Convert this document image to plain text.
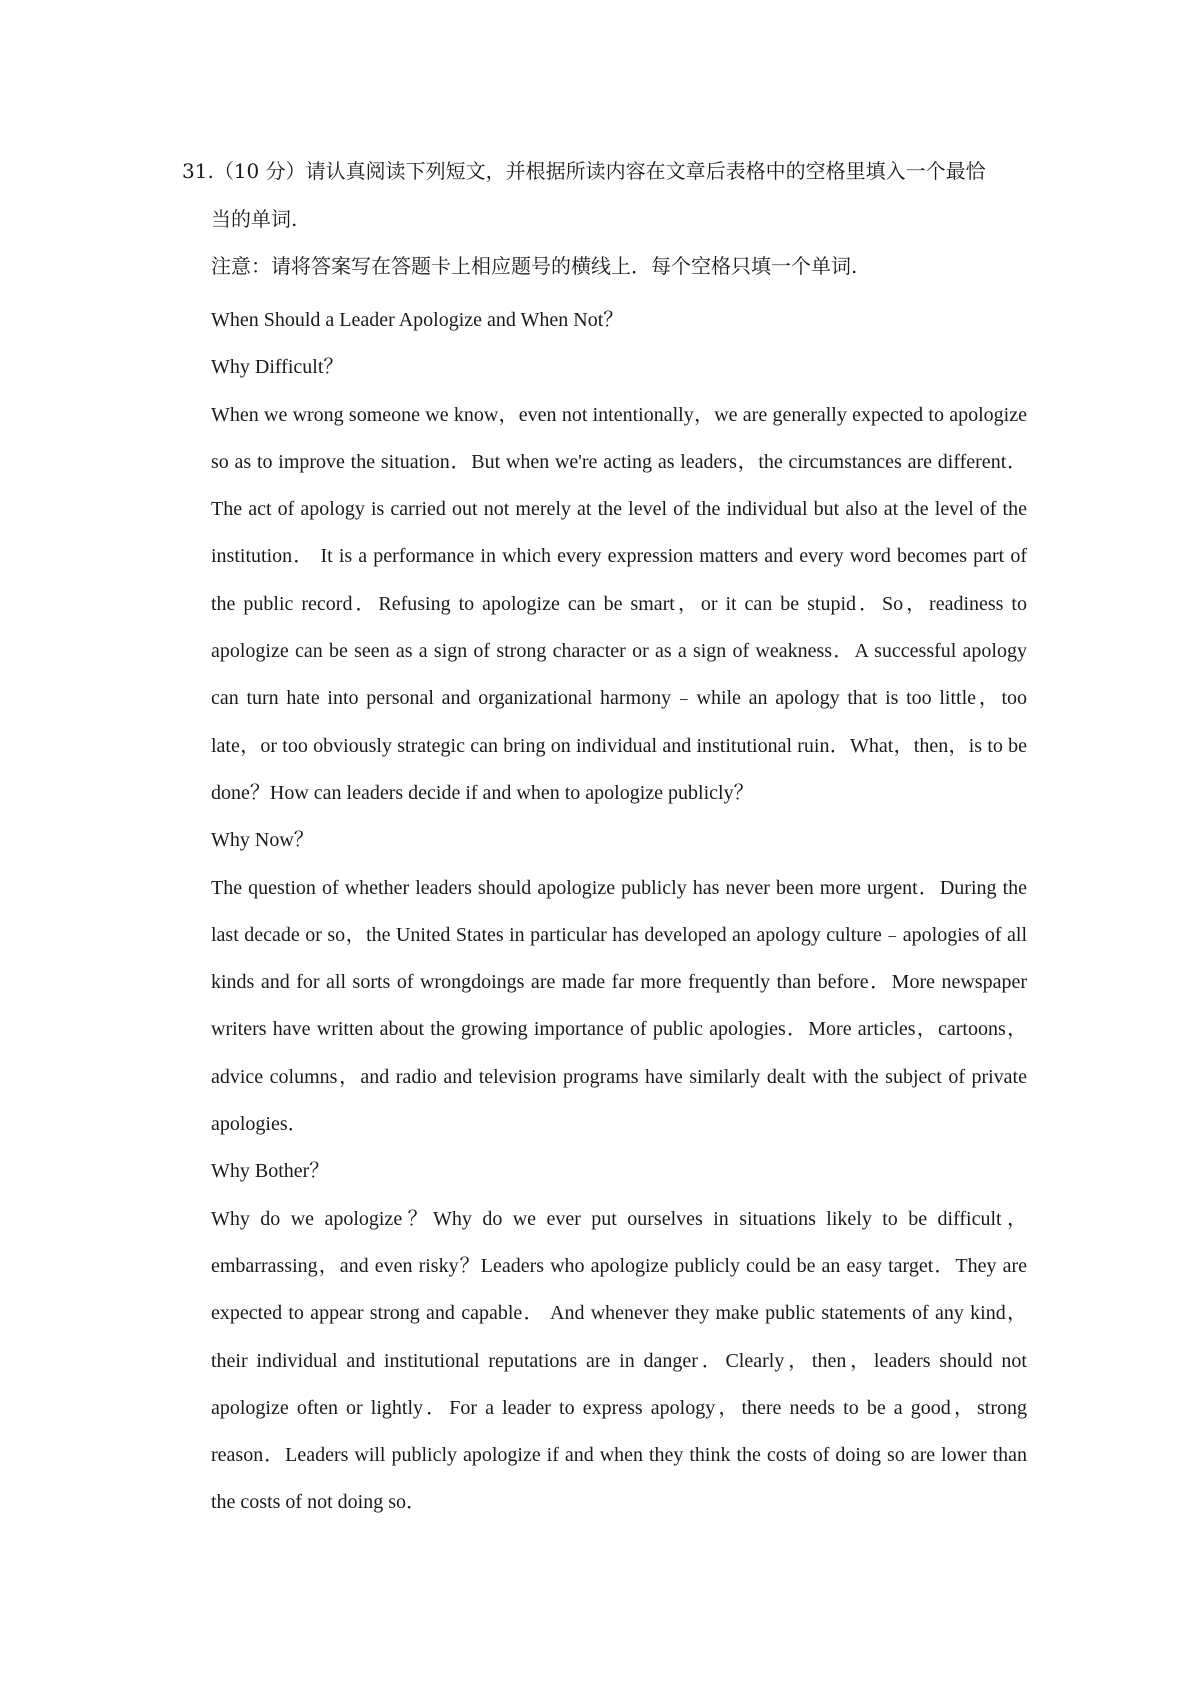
31.（10 分）请认真阅读下列短文，并根据所读内容在文章后表格中的空格里填入一个最恰
当的单词.
注意：请将答案写在答题卡上相应题号的横线上．每个空格只填一个单词.
When Should a Leader Apologize and When Not？
Why Difficult？
When we wrong someone we know，even not intentionally，we are generally expected to apologize so as to improve the situation．But when we're acting as leaders，the circumstances are different．The act of apology is carried out not merely at the level of the individual but also at the level of the institution． It is a performance in which every expression matters and every word becomes part of the public record．Refusing to apologize can be smart，or it can be stupid．So，readiness to apologize can be seen as a sign of strong character or as a sign of weakness．A successful apology can turn hate into personal and organizational harmony﹣while an apology that is too little，too late，or too obviously strategic can bring on individual and institutional ruin．What，then，is to be done？How can leaders decide if and when to apologize publicly？
Why Now？
The question of whether leaders should apologize publicly has never been more urgent．During the last decade or so，the United States in particular has developed an apology culture﹣apologies of all kinds and for all sorts of wrongdoings are made far more frequently than before．More newspaper writers have written about the growing importance of public apologies．More articles，cartoons，advice columns，and radio and television programs have similarly dealt with the subject of private apologies．
Why Bother？
Why do we apologize？Why do we ever put ourselves in situations likely to be difficult，embarrassing，and even risky？Leaders who apologize publicly could be an easy target．They are expected to appear strong and capable． And whenever they make public statements of any kind，their individual and institutional reputations are in danger．Clearly，then，leaders should not apologize often or lightly．For a leader to express apology，there needs to be a good，strong reason．Leaders will publicly apologize if and when they think the costs of doing so are lower than the costs of not doing so．
